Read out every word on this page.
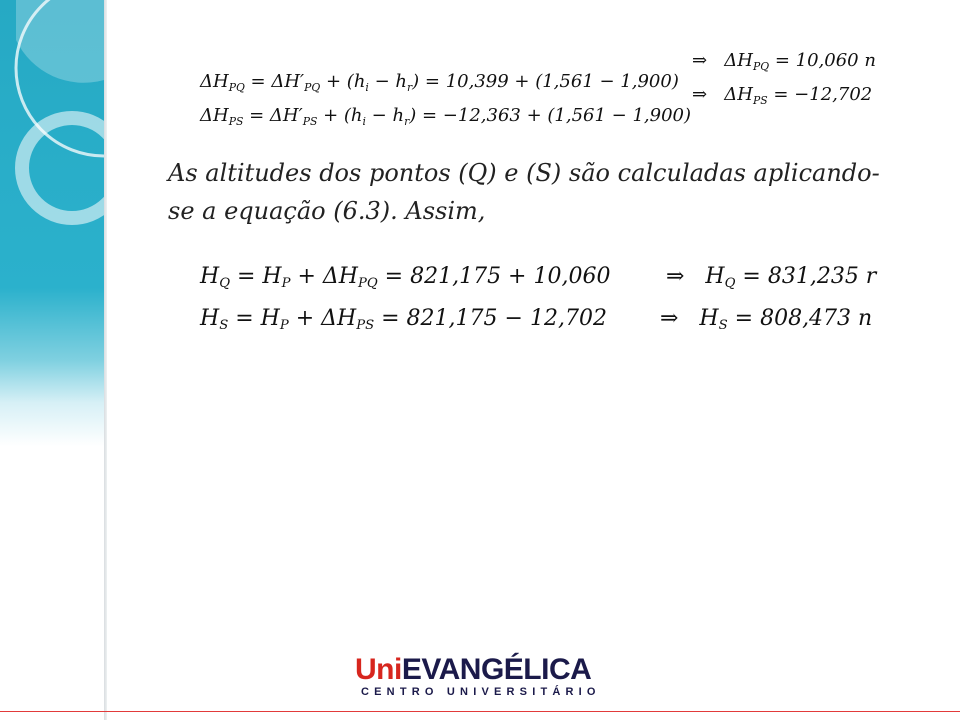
$\Delta H_{PQ} = \Delta H'_{PQ} + (h_i - h_r) = 10,399 + (1,561 - 1,900)$
⇒ $\Delta H_{PQ} = 10,060$ n

$\Delta H_{PS} = \Delta H'_{PS} + (h_i - h_r) = -12,363 + (1,561 - 1,900)$
⇒ $\Delta H_{PS} = -12,702$
As altitudes dos pontos (Q) e (S) são calculadas aplicando-
se a equação (6.3). Assim,
$H_Q = H_P + \Delta H_{PQ} = 821,175 + 10,060$	⇒ $H_Q = 831,235$ r
$H_S = H_P + \Delta H_{PS} = 821,175 - 12,702$ ⇒ $H_S = 808,473$ n
UniEVANGÉLICA
CENTRO UNIVERSITÁRIO
